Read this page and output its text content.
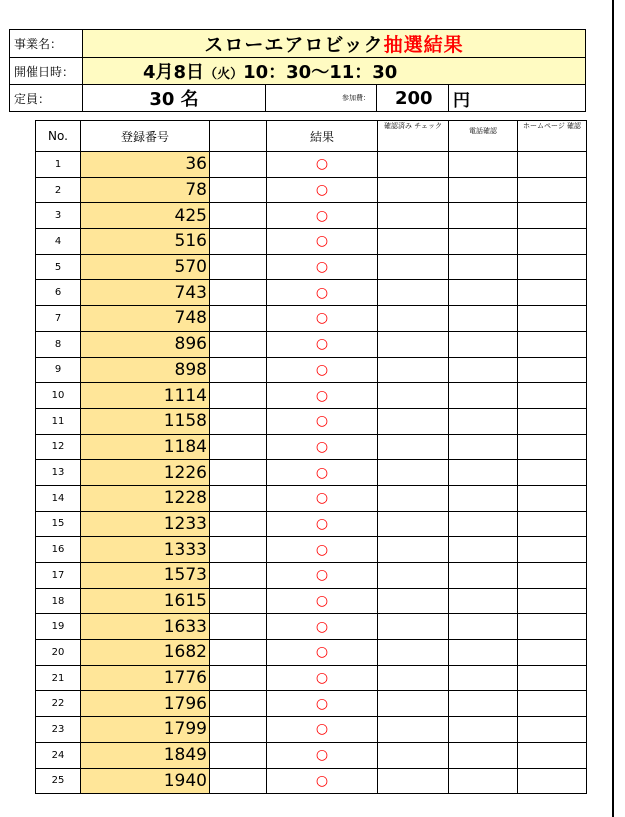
事業名：	スローエアロビック抽選結果			
開催日時：	4月8日（火）10：30～11：30			
定員：	30 名	参加費：	200	円
No.	登録番号		結果	確認済み チェック	電話確認	ホームページ 確認
1	36		○			
2	78		○			
3	425		○			
4	516		○			
5	570		○			
6	743		○			
7	748		○			
8	896		○			
9	898		○			
10	1114		○			
11	1158		○			
12	1184		○			
13	1226		○			
14	1228		○			
15	1233		○			
16	1333		○			
17	1573		○			
18	1615		○			
19	1633		○			
20	1682		○			
21	1776		○			
22	1796		○			
23	1799		○			
24	1849		○			
25	1940		○			
